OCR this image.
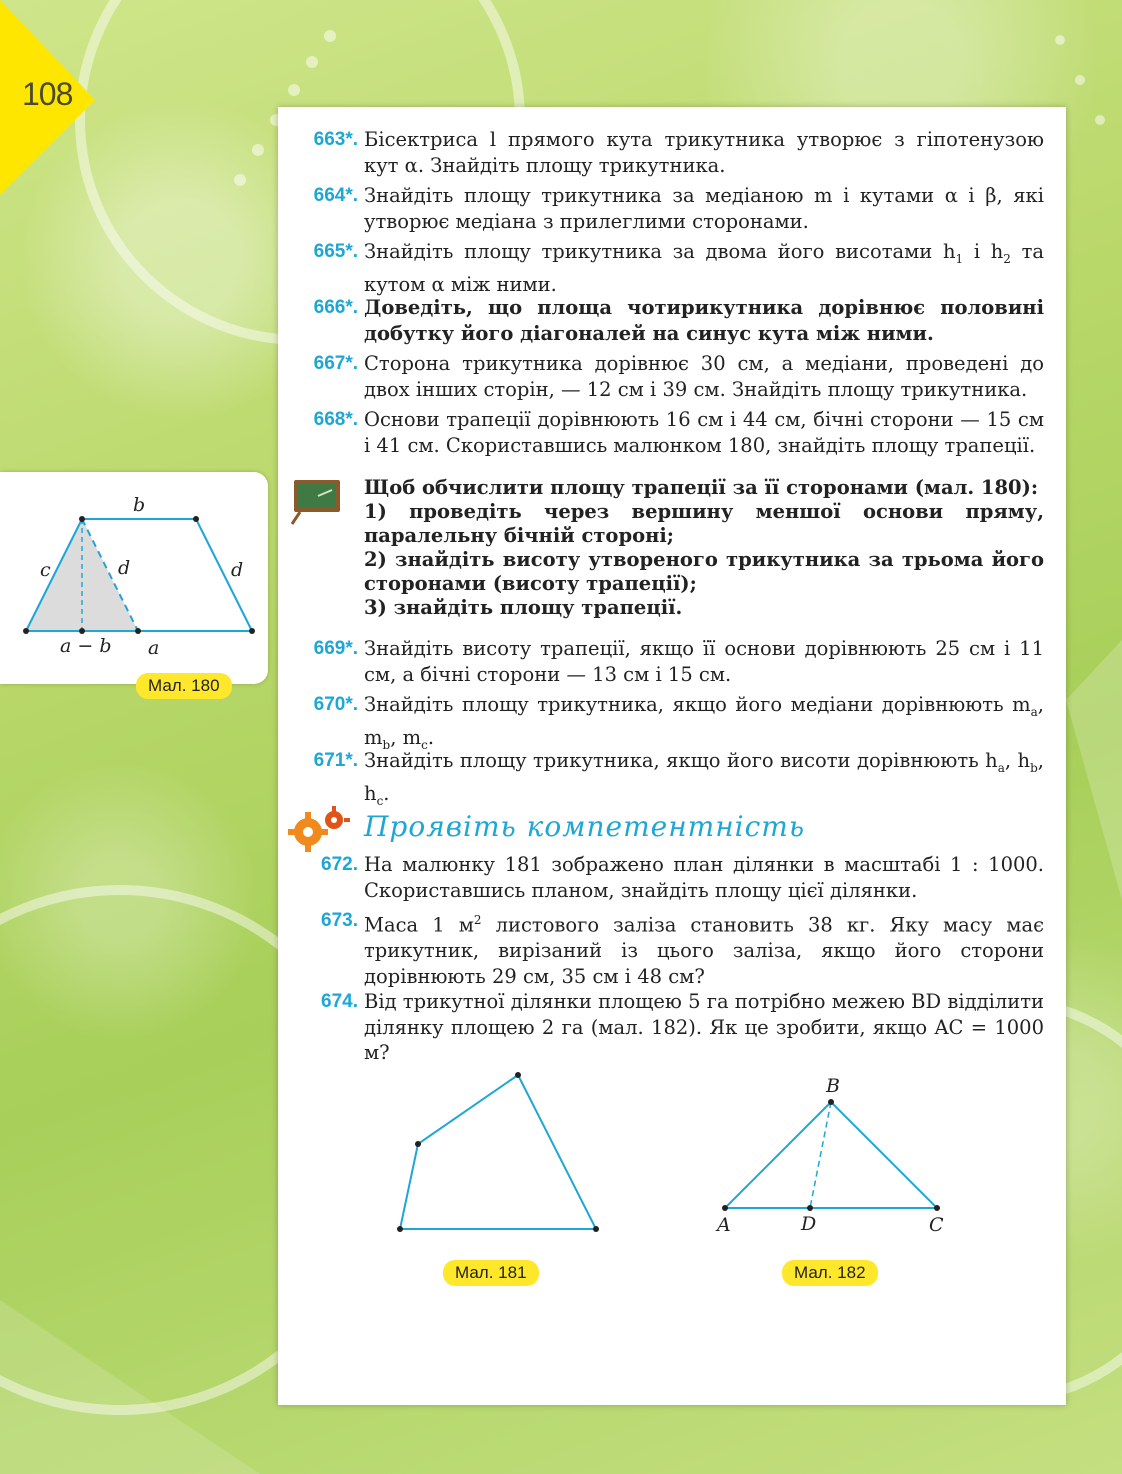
108
663*. Бісектриса l прямого кута трикутника утворює з гіпотенузою кут α. Знайдіть площу трикутника.
664*. Знайдіть площу трикутника за медіаною m і кутами α і β, які утворює медіана з прилеглими сторонами.
665*. Знайдіть площу трикутника за двома його висотами $h_1$ і $h_2$ та кутом α між ними.
666*. Доведіть, що площа чотирикутника дорівнює половині добутку його діагоналей на синус кута між ними.
667*. Сторона трикутника дорівнює 30 см, а медіани, проведені до двох інших сторін, — 12 см і 39 см. Знайдіть площу трикутника.
668*. Основи трапеції дорівнюють 16 см і 44 см, бічні сторони — 15 см і 41 см. Скориставшись малюнком 180, знайдіть площу трапеції.
Щоб обчислити площу трапеції за її сторонами (мал. 180):
1) проведіть через вершину меншої основи пряму, паралельну бічній стороні;
2) знайдіть висоту утвореного трикутника за трьома його сторонами (висоту трапеції);
3) знайдіть площу трапеції.
669*. Знайдіть висоту трапеції, якщо її основи дорівнюють 25 см і 11 см, а бічні сторони — 13 см і 15 см.
670*. Знайдіть площу трикутника, якщо його медіани дорівнюють $m_a$, $m_b$, $m_c$.
671*. Знайдіть площу трикутника, якщо його висоти дорівнюють $h_a$, $h_b$, $h_c$.
Проявіть компетентність
672. На малюнку 181 зображено план ділянки в масштабі 1 : 1000. Скориставшись планом, знайдіть площу цієї ділянки.
673. Маса 1 $м^2$ листового заліза становить 38 кг. Яку масу має трикутник, вирізаний із цього заліза, якщо його сторони дорівнюють 29 см, 35 см і 48 см?
674. Від трикутної ділянки площею 5 га потрібно межею BD відділити ділянку площею 2 га (мал. 182). Як це зробити, якщо AC = 1000 м?
b
c	d	d
a − b a
Мал. 180
Мал. 181
B
A	D	C
Мал. 182
